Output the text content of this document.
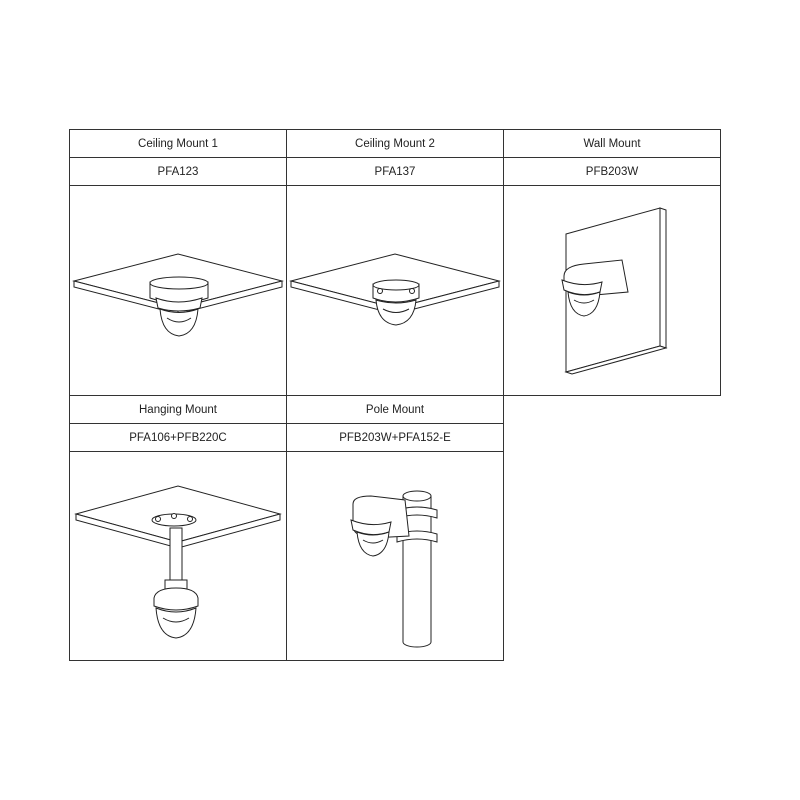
Ceiling Mount 1
PFA123
Ceiling Mount 2
PFA137
Wall Mount
PFB203W
Hanging Mount
PFA106+PFB220C
Pole Mount
PFB203W+PFA152-E
